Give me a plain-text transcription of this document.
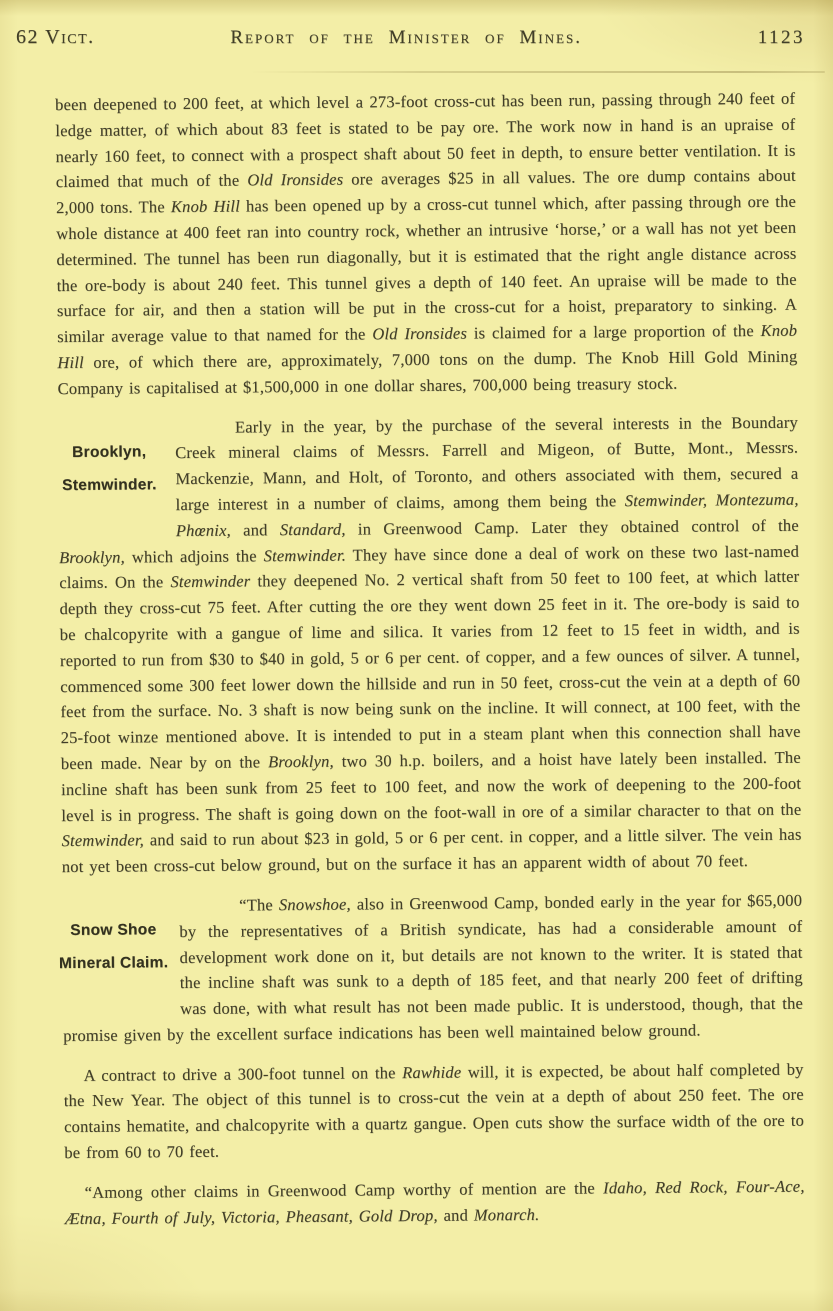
62 Vict.	Report of the Minister of Mines.	1123

been deepened to 200 feet, at which level a 273-foot cross-cut has been run, passing through 240 feet of ledge matter, of which about 83 feet is stated to be pay ore. The work now in hand is an upraise of nearly 160 feet, to connect with a prospect shaft about 50 feet in depth, to ensure better ventilation. It is claimed that much of the Old Ironsides ore averages $25 in all values. The ore dump contains about 2,000 tons. The Knob Hill has been opened up by a cross-cut tunnel which, after passing through ore the whole distance at 400 feet ran into country rock, whether an intrusive ‘horse,’ or a wall has not yet been determined. The tunnel has been run diagonally, but it is estimated that the right angle distance across the ore-body is about 240 feet. This tunnel gives a depth of 140 feet. An upraise will be made to the surface for air, and then a station will be put in the cross-cut for a hoist, preparatory to sinking. A similar average value to that named for the Old Ironsides is claimed for a large proportion of the Knob Hill ore, of which there are, approximately, 7,000 tons on the dump. The Knob Hill Gold Mining Company is capitalised at $1,500,000 in one dollar shares, 700,000 being treasury stock.

Brooklyn,
Stemwinder.
Early in the year, by the purchase of the several interests in the Boundary Creek mineral claims of Messrs. Farrell and Migeon, of Butte, Mont., Messrs. Mackenzie, Mann, and Holt, of Toronto, and others associated with them, secured a large interest in a number of claims, among them being the Stemwinder, Montezuma, Phœnix, and Standard, in Greenwood Camp. Later they obtained control of the Brooklyn, which adjoins the Stemwinder. They have since done a deal of work on these two last-named claims. On the Stemwinder they deepened No. 2 vertical shaft from 50 feet to 100 feet, at which latter depth they cross-cut 75 feet. After cutting the ore they went down 25 feet in it. The ore-body is said to be chalcopyrite with a gangue of lime and silica. It varies from 12 feet to 15 feet in width, and is reported to run from $30 to $40 in gold, 5 or 6 per cent. of copper, and a few ounces of silver. A tunnel, commenced some 300 feet lower down the hillside and run in 50 feet, cross-cut the vein at a depth of 60 feet from the surface. No. 3 shaft is now being sunk on the incline. It will connect, at 100 feet, with the 25-foot winze mentioned above. It is intended to put in a steam plant when this connection shall have been made. Near by on the Brooklyn, two 30 h.p. boilers, and a hoist have lately been installed. The incline shaft has been sunk from 25 feet to 100 feet, and now the work of deepening to the 200-foot level is in progress. The shaft is going down on the foot-wall in ore of a similar character to that on the Stemwinder, and said to run about $23 in gold, 5 or 6 per cent. in copper, and a little silver. The vein has not yet been cross-cut below ground, but on the surface it has an apparent width of about 70 feet.

Snow Shoe
Mineral Claim.
“The Snowshoe, also in Greenwood Camp, bonded early in the year for $65,000 by the representatives of a British syndicate, has had a considerable amount of development work done on it, but details are not known to the writer. It is stated that the incline shaft was sunk to a depth of 185 feet, and that nearly 200 feet of drifting was done, with what result has not been made public. It is understood, though, that the promise given by the excellent surface indications has been well maintained below ground.

A contract to drive a 300-foot tunnel on the Rawhide will, it is expected, be about half completed by the New Year. The object of this tunnel is to cross-cut the vein at a depth of about 250 feet. The ore contains hematite, and chalcopyrite with a quartz gangue. Open cuts show the surface width of the ore to be from 60 to 70 feet.

“Among other claims in Greenwood Camp worthy of mention are the Idaho, Red Rock, Four-Ace, Ætna, Fourth of July, Victoria, Pheasant, Gold Drop, and Monarch.
